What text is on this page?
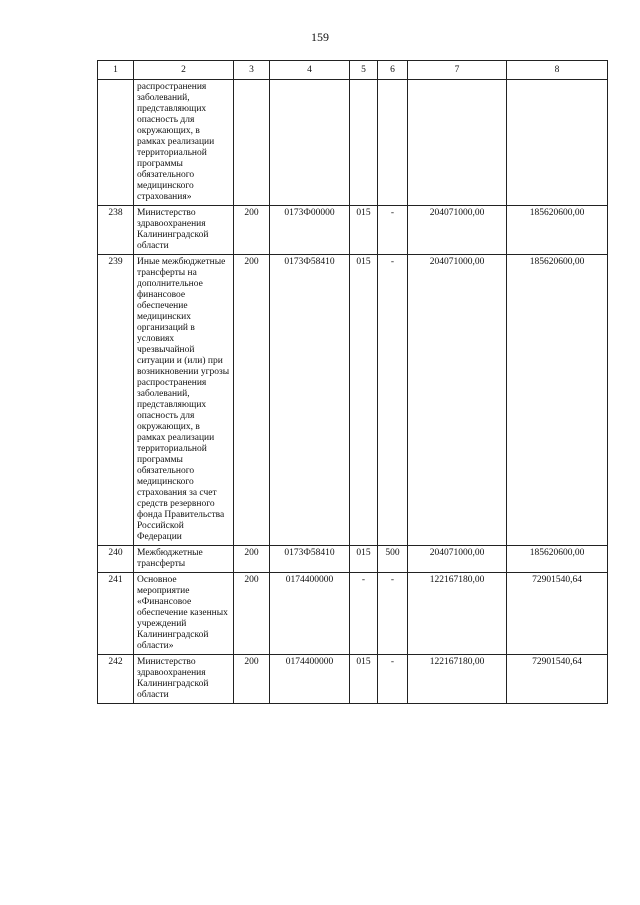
159
1	2	3	4	5	6	7	8
	распространения заболеваний, представляющих опасность для окружающих, в рамках реализации территориальной программы обязательного медицинского страхования»						
238	Министерство здравоохранения Калининградской области	200	0173Ф00000	015	-	204071000,00	185620600,00
239	Иные межбюджетные трансферты на дополнительное финансовое обеспечение медицинских организаций в условиях чрезвычайной ситуации и (или) при возникновении угрозы распространения заболеваний, представляющих опасность для окружающих, в рамках реализации территориальной программы обязательного медицинского страхования за счет средств резервного фонда Правительства Российской Федерации	200	0173Ф58410	015	-	204071000,00	185620600,00
240	Межбюджетные трансферты	200	0173Ф58410	015	500	204071000,00	185620600,00
241	Основное мероприятие «Финансовое обеспечение казенных учреждений Калининградской области»	200	0174400000	-	-	122167180,00	72901540,64
242	Министерство здравоохранения Калининградской области	200	0174400000	015	-	122167180,00	72901540,64
